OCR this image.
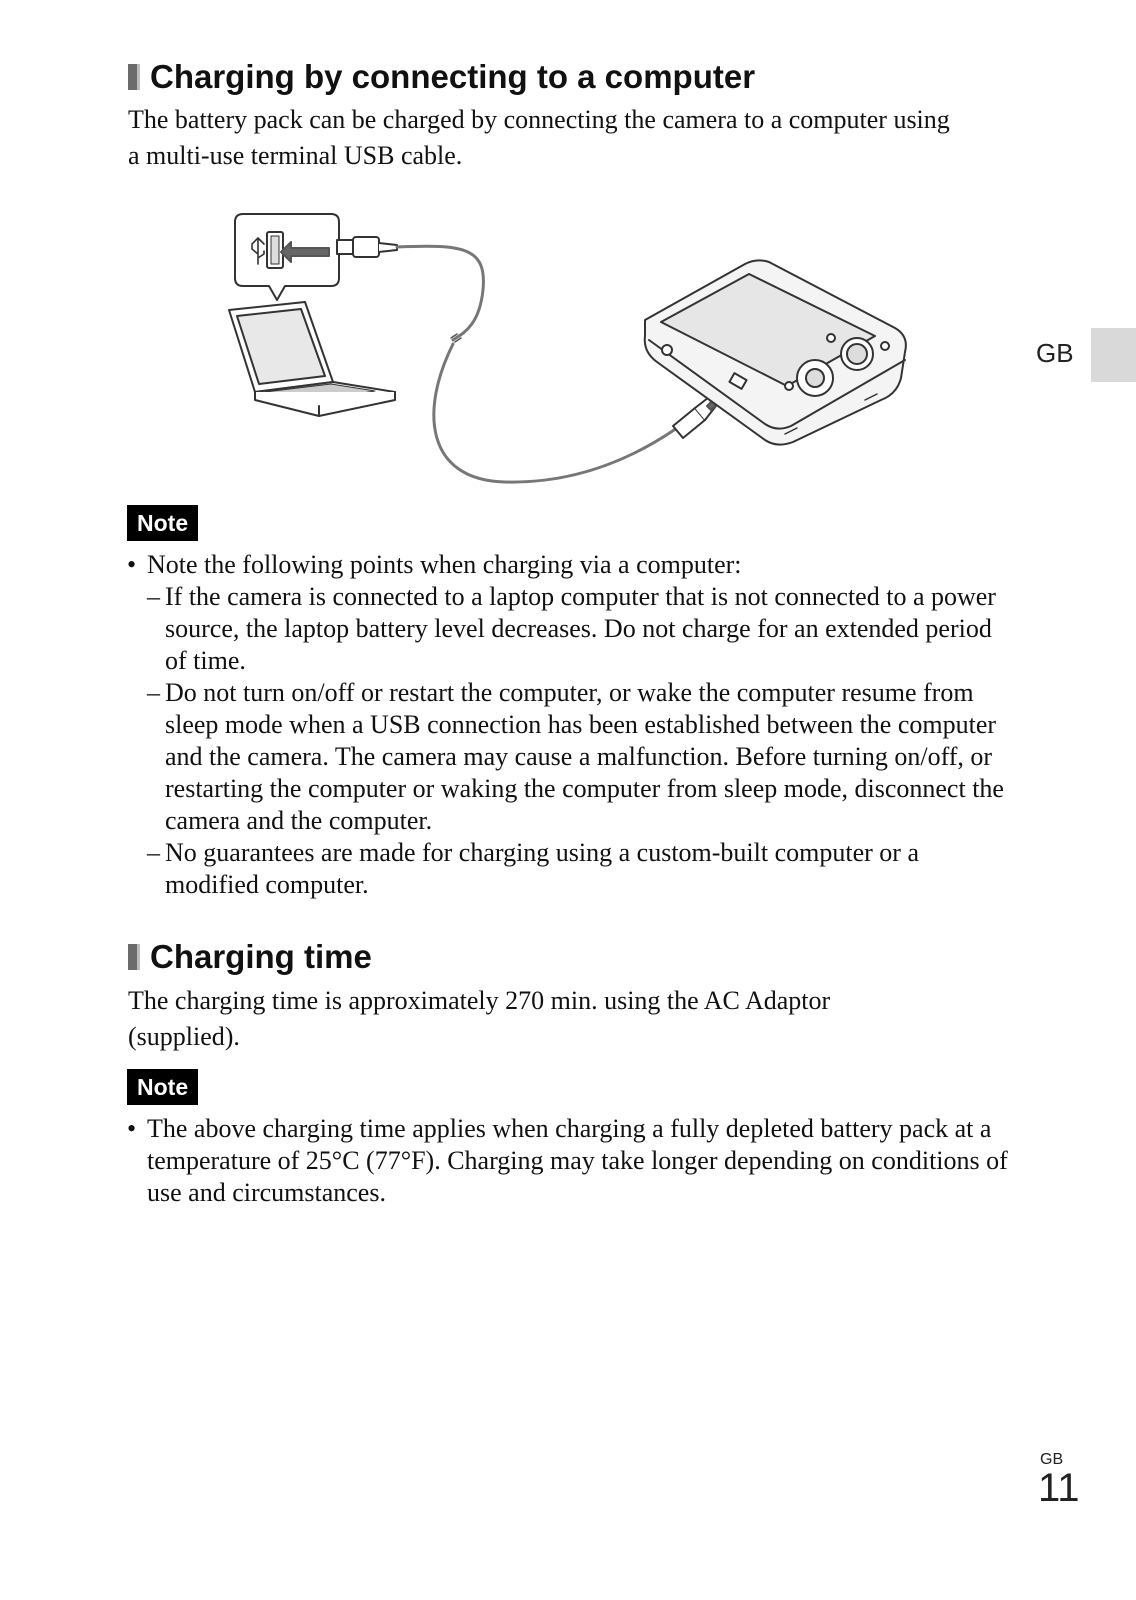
Charging by connecting to a computer
The battery pack can be charged by connecting the camera to a computer using
a multi-use terminal USB cable.
Note
• Note the following points when charging via a computer:
– If the camera is connected to a laptop computer that is not connected to a power
source, the laptop battery level decreases. Do not charge for an extended period
of time.
– Do not turn on/off or restart the computer, or wake the computer resume from
sleep mode when a USB connection has been established between the computer
and the camera. The camera may cause a malfunction. Before turning on/off, or
restarting the computer or waking the computer from sleep mode, disconnect the
camera and the computer.
– No guarantees are made for charging using a custom-built computer or a
modified computer.
Charging time
The charging time is approximately 270 min. using the AC Adaptor
(supplied).
Note
• The above charging time applies when charging a fully depleted battery pack at a
temperature of 25°C (77°F). Charging may take longer depending on conditions of
use and circumstances.
GB
GB
11
